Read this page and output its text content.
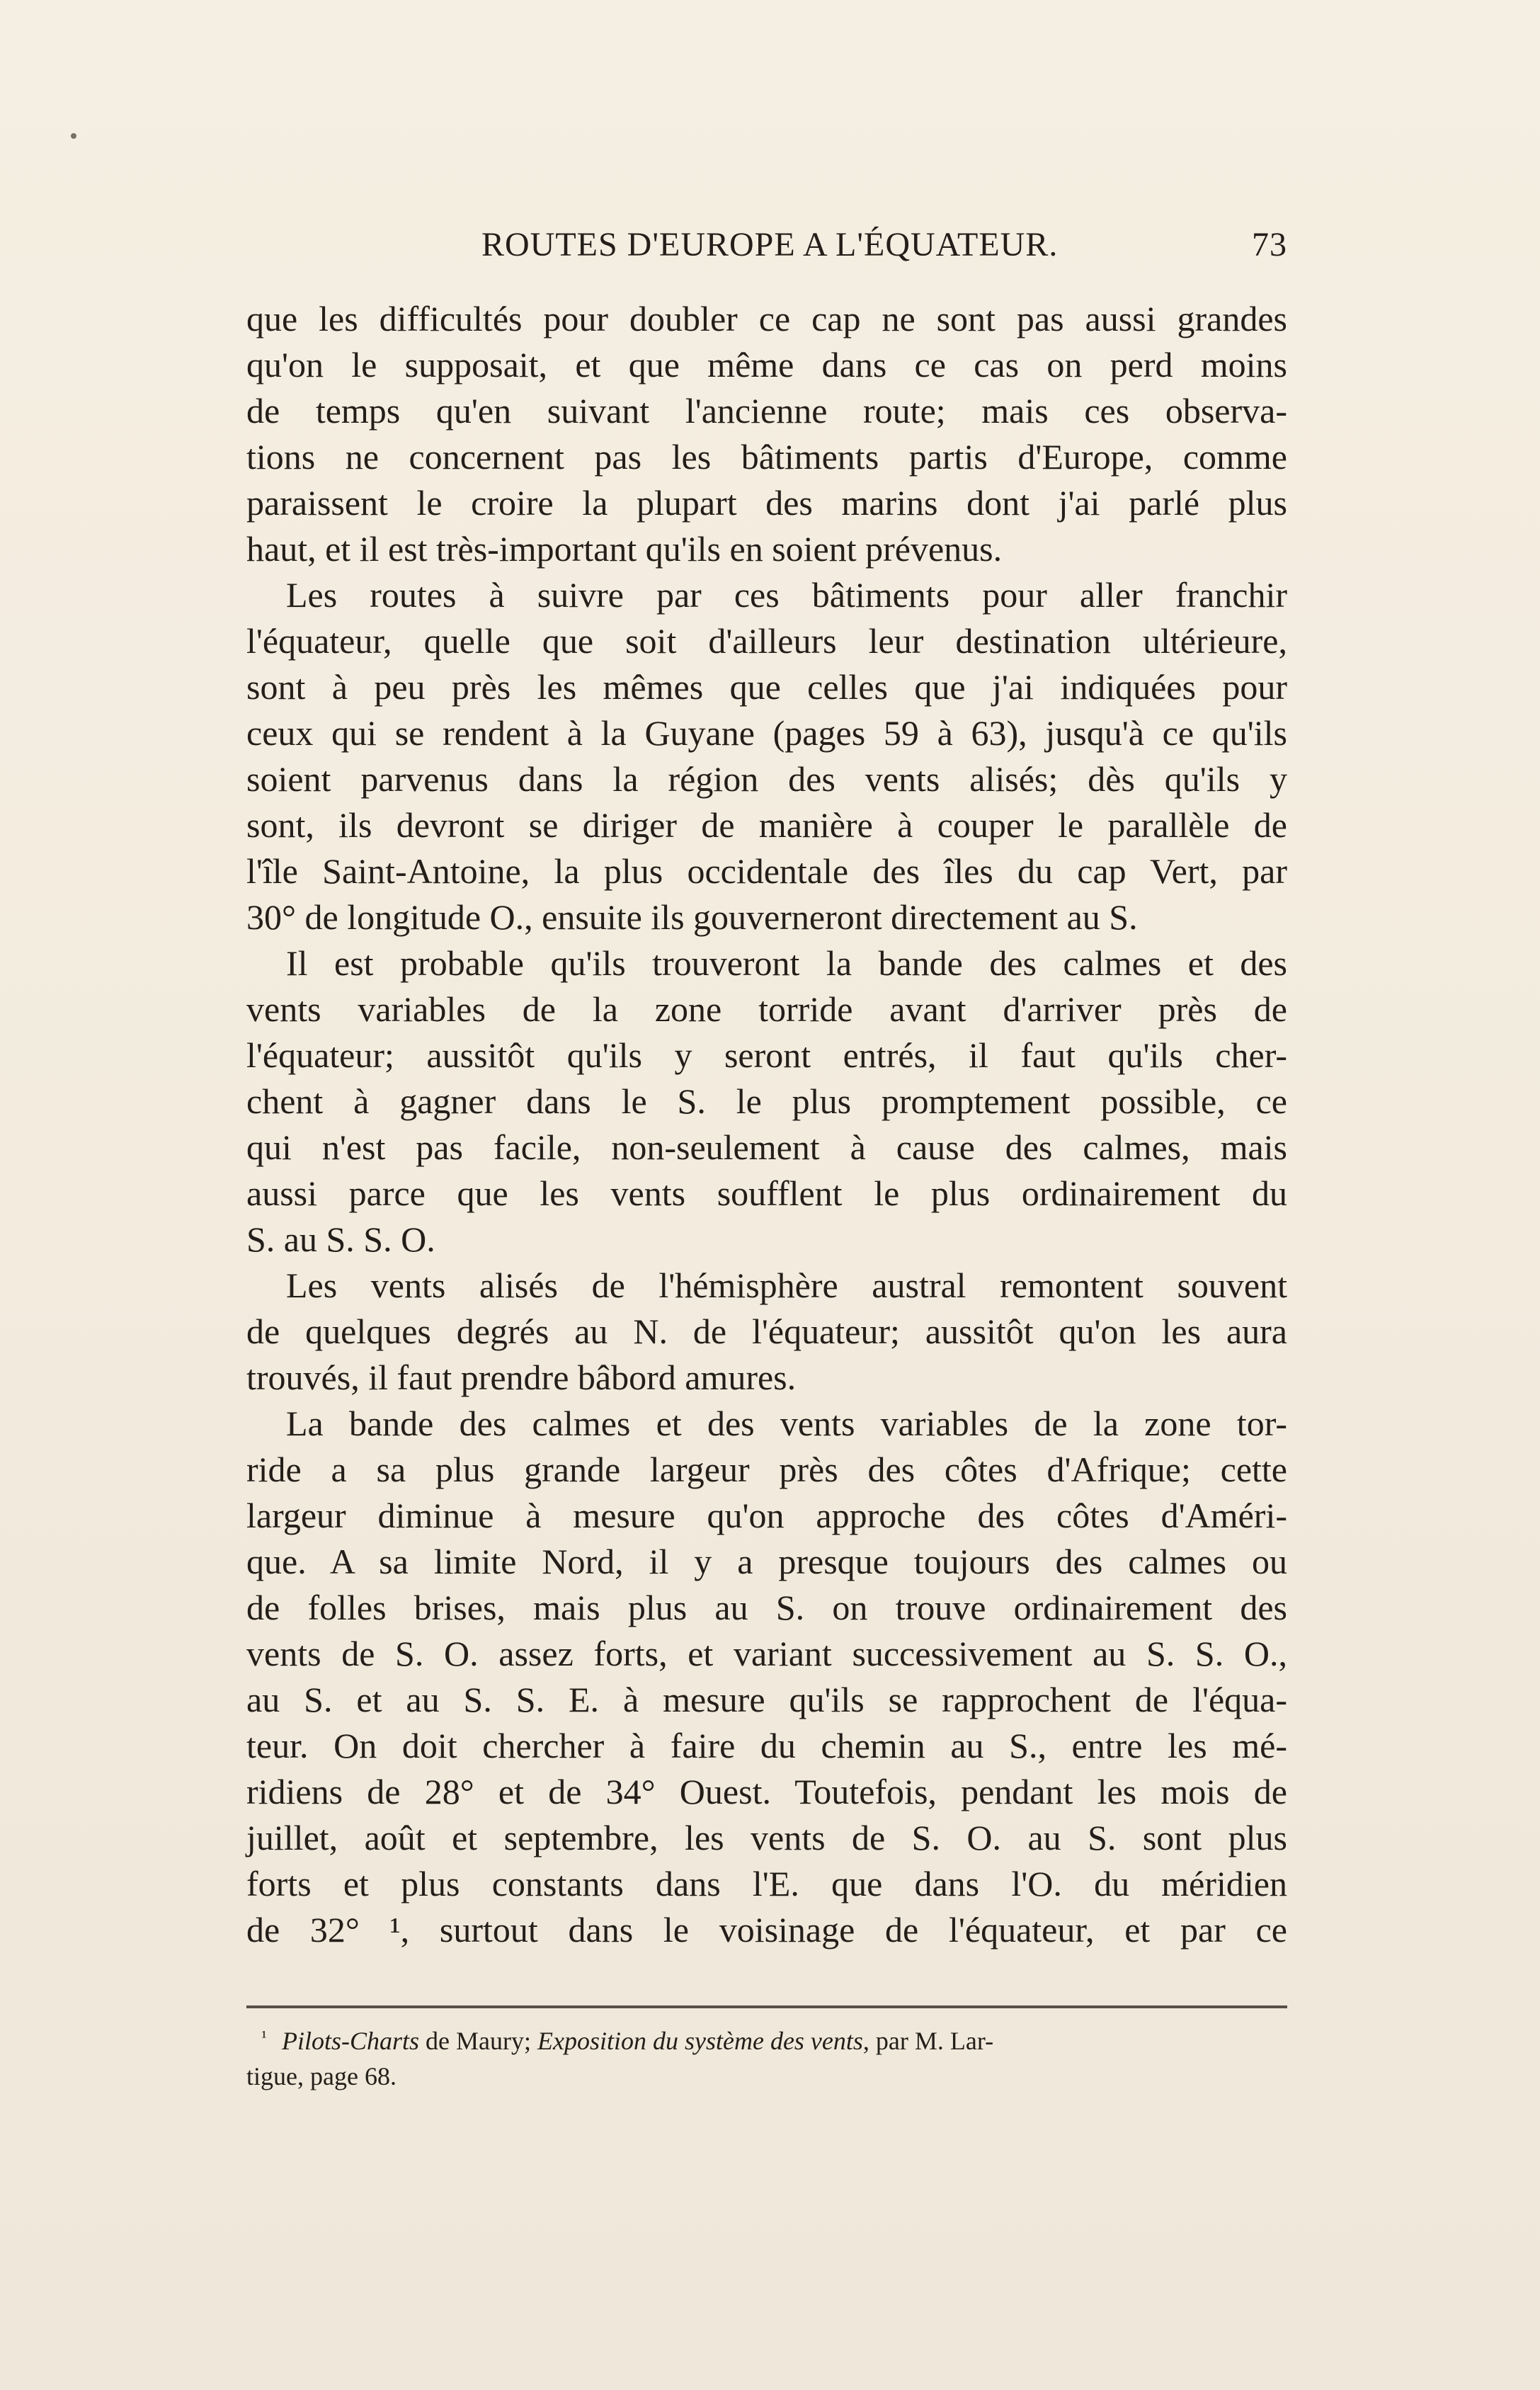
ROUTES D'EUROPE A L'ÉQUATEUR.	73

que les difficultés pour doubler ce cap ne sont pas aussi grandes

qu'on le supposait, et que même dans ce cas on perd moins

de temps qu'en suivant l'ancienne route; mais ces observa-

tions ne concernent pas les bâtiments partis d'Europe, comme

paraissent le croire la plupart des marins dont j'ai parlé plus

haut, et il est très-important qu'ils en soient prévenus.

Les routes à suivre par ces bâtiments pour aller franchir

l'équateur, quelle que soit d'ailleurs leur destination ultérieure,

sont à peu près les mêmes que celles que j'ai indiquées pour

ceux qui se rendent à la Guyane (pages 59 à 63), jusqu'à ce qu'ils

soient parvenus dans la région des vents alisés; dès qu'ils y

sont, ils devront se diriger de manière à couper le parallèle de

l'île Saint-Antoine, la plus occidentale des îles du cap Vert, par

30° de longitude O., ensuite ils gouverneront directement au S.

Il est probable qu'ils trouveront la bande des calmes et des

vents variables de la zone torride avant d'arriver près de

l'équateur; aussitôt qu'ils y seront entrés, il faut qu'ils cher-

chent à gagner dans le S. le plus promptement possible, ce

qui n'est pas facile, non-seulement à cause des calmes, mais

aussi parce que les vents soufflent le plus ordinairement du

S. au S. S. O.

Les vents alisés de l'hémisphère austral remontent souvent

de quelques degrés au N. de l'équateur; aussitôt qu'on les aura

trouvés, il faut prendre bâbord amures.

La bande des calmes et des vents variables de la zone tor-

ride a sa plus grande largeur près des côtes d'Afrique; cette

largeur diminue à mesure qu'on approche des côtes d'Améri-

que. A sa limite Nord, il y a presque toujours des calmes ou

de folles brises, mais plus au S. on trouve ordinairement des

vents de S. O. assez forts, et variant successivement au S. S. O.,

au S. et au S. S. E. à mesure qu'ils se rapprochent de l'équa-

teur. On doit chercher à faire du chemin au S., entre les mé-

ridiens de 28° et de 34° Ouest. Toutefois, pendant les mois de

juillet, août et septembre, les vents de S. O. au S. sont plus

forts et plus constants dans l'E. que dans l'O. du méridien

de 32° ¹, surtout dans le voisinage de l'équateur, et par ce

¹ Pilots-Charts de Maury; Exposition du système des vents, par M. Lar-
tigue, page 68.
